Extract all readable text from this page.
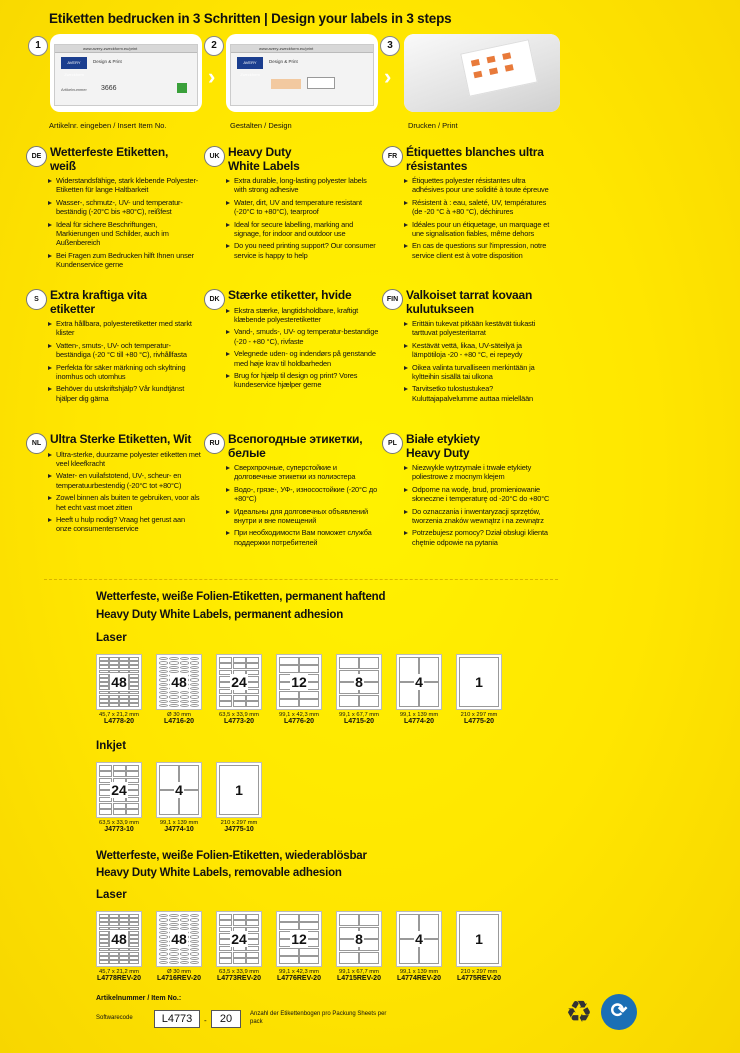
Etiketten bedrucken in 3 Schritten | Design your labels in 3 steps
1	www.avery-zweckform.eu/print
AVERY Zweckform
Design & Print
Artikelnummer 3666	›
2	www.avery-zweckform.eu/print
AVERY Zweckform
Design & Print
›
3
Artikelnr. eingeben / Insert Item No.	Gestalten / Design	Drucken / Print
DE Wetterfeste Etiketten, weiß
Widerstandsfähige, stark klebende Polyester-Etiketten für lange Haltbarkeit
Wasser-, schmutz-, UV- und temperatur-beständig (-20°C bis +80°C), reißfest
Ideal für sichere Beschriftungen, Markierungen und Schilder, auch im Außenbereich
Bei Fragen zum Bedrucken hilft Ihnen unser Kundenservice gerne
UK Heavy Duty White Labels
Extra durable, long-lasting polyester labels with strong adhesive
Water, dirt, UV and temperature resistant (-20°C to +80°C), tearproof
Ideal for secure labelling, marking and signage, for indoor and outdoor use
Do you need printing support? Our consumer service is happy to help
FR Étiquettes blanches ultra résistantes
Étiquettes polyester résistantes ultra adhésives pour une solidité à toute épreuve
Résistent à : eau, saleté, UV, températures (de -20 °C à +80 °C), déchirures
Idéales pour un étiquetage, un marquage et une signalisation fiables, même dehors
En cas de questions sur l'impression, notre service client est à votre disposition
S Extra kraftiga vita etiketter
Extra hållbara, polyesteretiketter med starkt klister
Vatten-, smuts-, UV- och temperatur-beständiga (-20 °C till +80 °C), rivhållfasta
Perfekta för säker märkning och skyltning inomhus och utomhus
Behöver du utskriftshjälp? Vår kundtjänst hjälper dig gärna
DK Stærke etiketter, hvide
Ekstra stærke, langtidsholdbare, kraftigt klæbende polyesteretiketter
Vand-, smuds-, UV- og temperatur-bestandige (-20 - +80 °C), rivfaste
Velegnede uden- og indendørs på genstande med høje krav til holdbarheden
Brug for hjælp til design og print? Vores kundeservice hjælper gerne
FIN Valkoiset tarrat kovaan kulutukseen
Erittäin tukevat pitkään kestävät tiukasti tarttuvat polyesteritarrat
Kestävät vettä, likaa, UV-säteilyä ja lämpötiloja -20 - +80 °C, ei repeydy
Oikea valinta turvalliseen merkintään ja kyltteihin sisällä tai ulkona
Tarvitsetko tulostustukea? Kuluttajapalvelumme auttaa mielellään
NL Ultra Sterke Etiketten, Wit
Ultra-sterke, duurzame polyester etiketten met veel kleefkracht
Water- en vuilafstotend, UV-, scheur- en temperatuurbestendig (-20°C tot +80°C)
Zowel binnen als buiten te gebruiken, voor als het echt vast moet zitten
Heeft u hulp nodig? Vraag het gerust aan onze consumentenservice
RU Всепогодные этикетки, белые
Сверхпрочные, суперстойкие и долговечные этикетки из полиэстера
Водо-, грязе-, УФ-, износостойкие (-20°C до +80°C)
Идеальны для долговечных объявлений внутри и вне помещений
При необходимости Вам поможет служба поддержки потребителей
PL Białe etykiety Heavy Duty
Niezwykle wytrzymałe i trwałe etykiety poliestrowe z mocnym klejem
Odporne na wodę, brud, promieniowanie słoneczne i temperaturę od -20°C do +80°C
Do oznaczania i inwentaryzacji sprzętów, tworzenia znaków wewnątrz i na zewnątrz
Potrzebujesz pomocy? Dział obsługi klienta chętnie odpowie na pytania
Wetterfeste, weiße Folien-Etiketten, permanent haftend
Heavy Duty White Labels, permanent adhesion
Laser
48
45,7 x 21,2 mm
L4778-20
48
Ø 30 mm
L4716-20
24
63,5 x 33,9 mm
L4773-20
12
99,1 x 42,3 mm
L4776-20
8
99,1 x 67,7 mm
L4715-20
4
99,1 x 139 mm
L4774-20
1
210 x 297 mm
L4775-20
Inkjet
24
63,5 x 33,9 mm
J4773-10
4
99,1 x 139 mm
J4774-10
1
210 x 297 mm
J4775-10
Wetterfeste, weiße Folien-Etiketten, wiederablösbar
Heavy Duty White Labels, removable adhesion
Laser
48
45,7 x 21,2 mm
L4778REV-20
48
Ø 30 mm
L4716REV-20
24
63,5 x 33,9 mm
L4773REV-20
12
99,1 x 42,3 mm
L4776REV-20
8
99,1 x 67,7 mm
L4715REV-20
4
99,1 x 139 mm
L4774REV-20
1
210 x 297 mm
L4775REV-20
Artikelnummer / Item No.:
Softwarecode	L4773	-	20	Anzahl der Etikettenbogen pro Packung Sheets per pack	♻ ⟳
